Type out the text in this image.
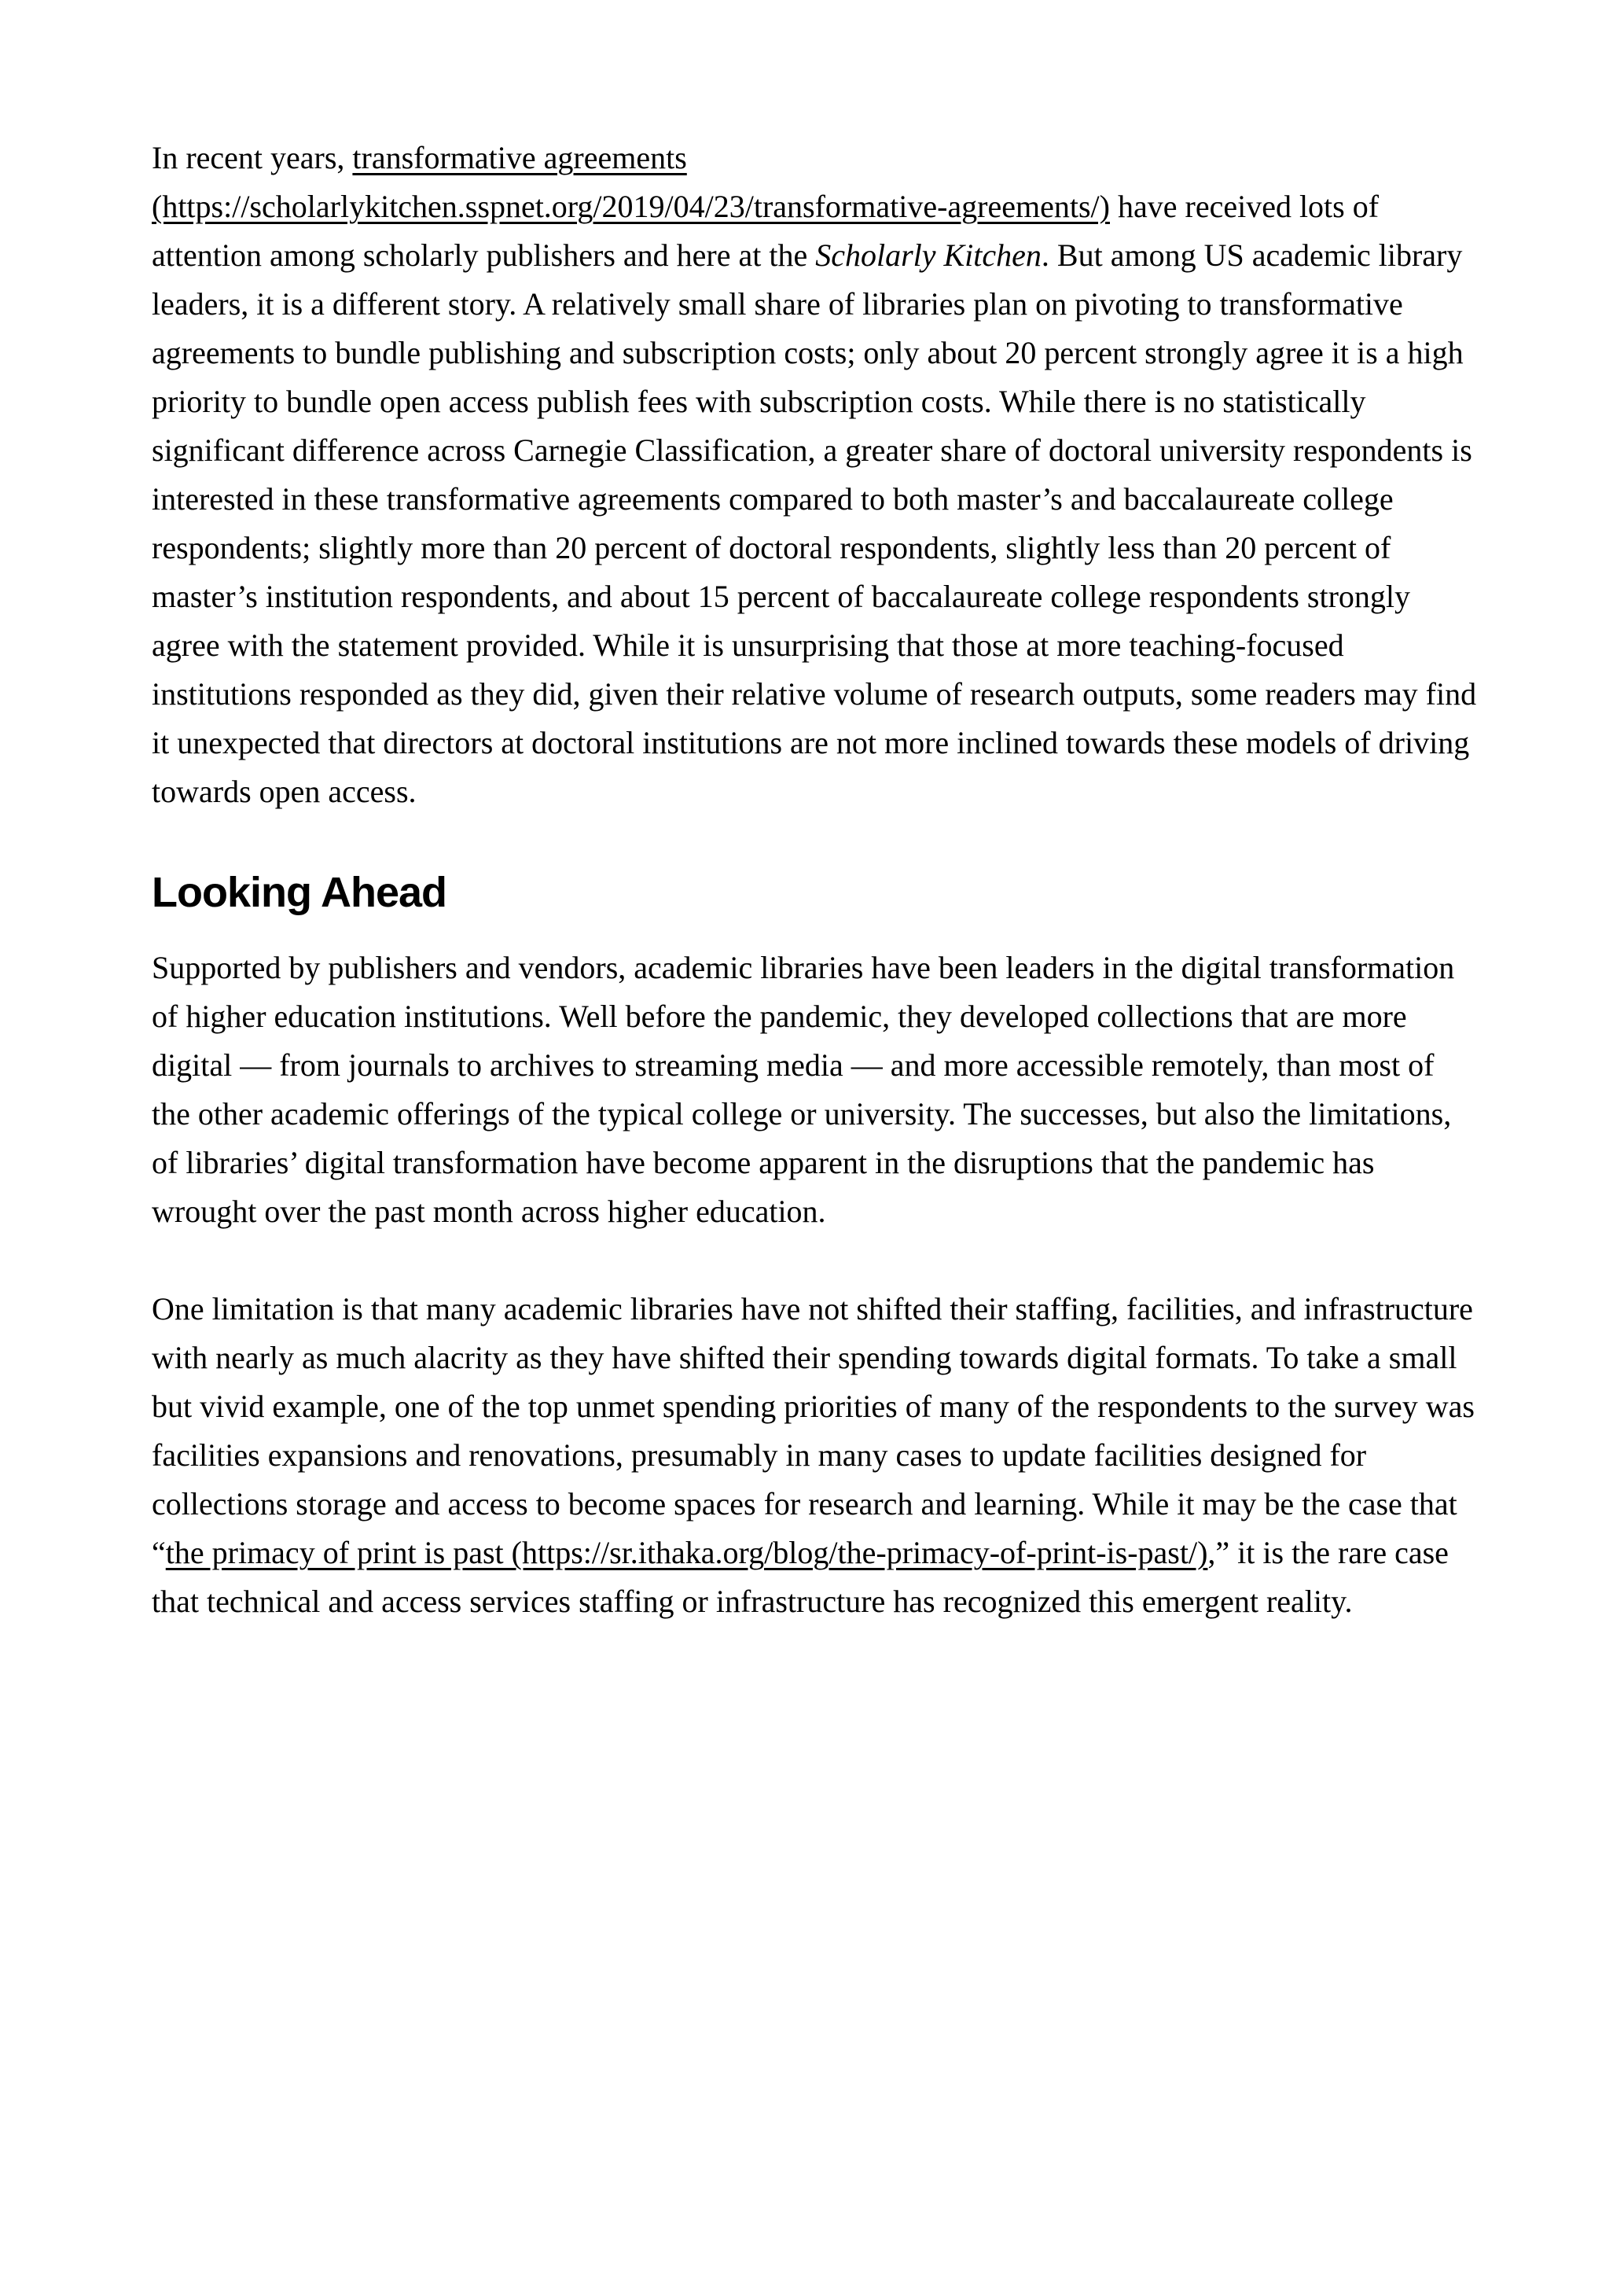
In recent years, transformative agreements (https://scholarlykitchen.sspnet.org/2019/04/23/transformative-agreements/) have received lots of attention among scholarly publishers and here at the Scholarly Kitchen. But among US academic library leaders, it is a different story. A relatively small share of libraries plan on pivoting to transformative agreements to bundle publishing and subscription costs; only about 20 percent strongly agree it is a high priority to bundle open access publish fees with subscription costs. While there is no statistically significant difference across Carnegie Classification, a greater share of doctoral university respondents is interested in these transformative agreements compared to both master’s and baccalaureate college respondents; slightly more than 20 percent of doctoral respondents, slightly less than 20 percent of master’s institution respondents, and about 15 percent of baccalaureate college respondents strongly agree with the statement provided. While it is unsurprising that those at more teaching-focused institutions responded as they did, given their relative volume of research outputs, some readers may find it unexpected that directors at doctoral institutions are not more inclined towards these models of driving towards open access.

Looking Ahead

Supported by publishers and vendors, academic libraries have been leaders in the digital transformation of higher education institutions. Well before the pandemic, they developed collections that are more digital — from journals to archives to streaming media — and more accessible remotely, than most of the other academic offerings of the typical college or university. The successes, but also the limitations, of libraries’ digital transformation have become apparent in the disruptions that the pandemic has wrought over the past month across higher education.

One limitation is that many academic libraries have not shifted their staffing, facilities, and infrastructure with nearly as much alacrity as they have shifted their spending towards digital formats. To take a small but vivid example, one of the top unmet spending priorities of many of the respondents to the survey was facilities expansions and renovations, presumably in many cases to update facilities designed for collections storage and access to become spaces for research and learning. While it may be the case that “the primacy of print is past (https://sr.ithaka.org/blog/the-primacy-of-print-is-past/),” it is the rare case that technical and access services staffing or infrastructure has recognized this emergent reality.
